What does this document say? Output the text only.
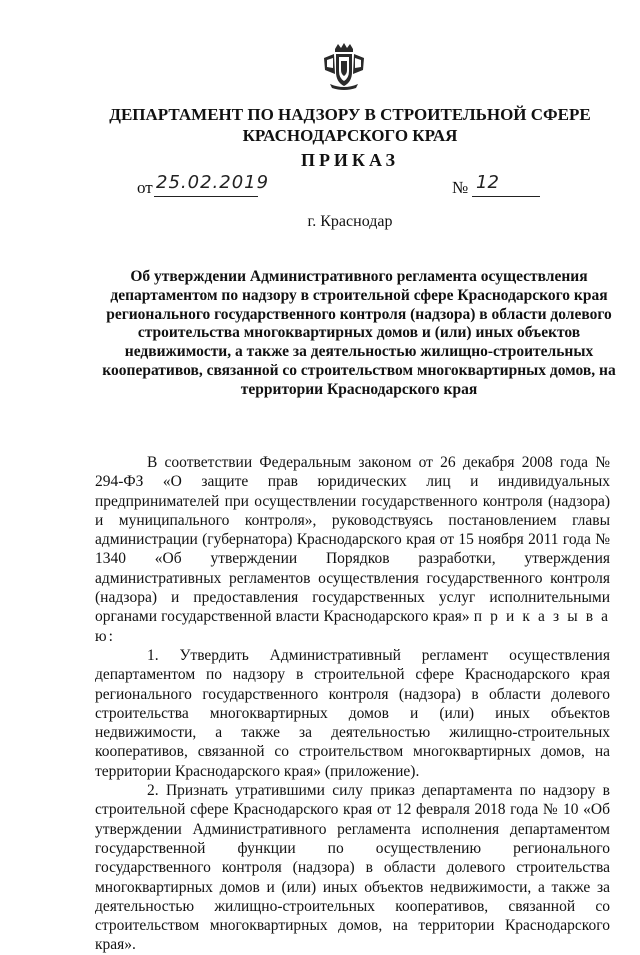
ДЕПАРТАМЕНТ ПО НАДЗОРУ В СТРОИТЕЛЬНОЙ СФЕРЕ
КРАСНОДАРСКОГО КРАЯ
ПРИКАЗ
от 25.02.2019	№ 12
г. Краснодар
Об утверждении Административного регламента осуществления департаментом по надзору в строительной сфере Краснодарского края регионального государственного контроля (надзора) в области долевого строительства многоквартирных домов и (или) иных объектов недвижимости, а также за деятельностью жилищно-строительных кооперативов, связанной со строительством многоквартирных домов, на территории Краснодарского края

В соответствии Федеральным законом от 26 декабря 2008 года № 294-ФЗ «О защите прав юридических лиц и индивидуальных предпринимателей при осуществлении государственного контроля (надзора) и муниципального контроля», руководствуясь постановлением главы администрации (губернатора) Краснодарского края от 15 ноября 2011 года № 1340 «Об утверждении Порядков разработки, утверждения административных регламентов осуществления государственного контроля (надзора) и предоставления государственных услуг исполнительными органами государственной власти Краснодарского края» п р и к а з ы в а ю:

1. Утвердить Административный регламент осуществления департаментом по надзору в строительной сфере Краснодарского края регионального государственного контроля (надзора) в области долевого строительства многоквартирных домов и (или) иных объектов недвижимости, а также за деятельностью жилищно-строительных кооперативов, связанной со строительством многоквартирных домов, на территории Краснодарского края» (приложение).

2. Признать утратившими силу приказ департамента по надзору в строительной сфере Краснодарского края от 12 февраля 2018 года № 10 «Об утверждении Административного регламента исполнения департаментом государственной функции по осуществлению регионального государственного контроля (надзора) в области долевого строительства многоквартирных домов и (или) иных объектов недвижимости, а также за деятельностью жилищно-строительных кооперативов, связанной со строительством многоквартирных домов, на территории Краснодарского края».
